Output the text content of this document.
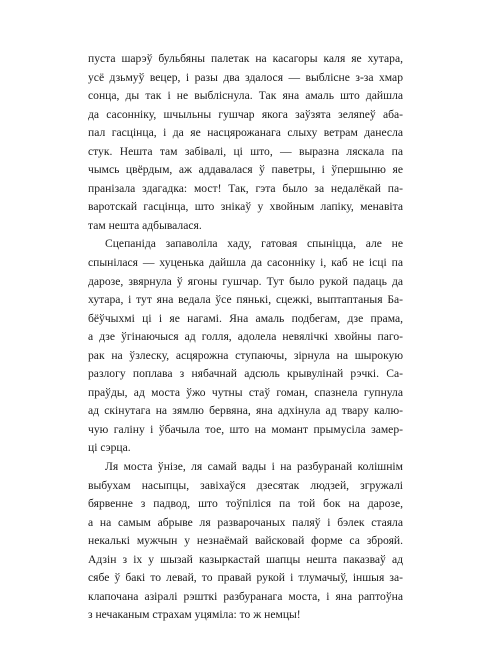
пуста шарэў бульбяны палетак на касагоры каля яе хутара,
усё дзьмуў вецер, і разы два здалося — выбліснe з-за хмар
сонца, ды так і не выбліснула. Так яна амаль што дайшла
да сасонніку, шчыльны гушчар якога заўзята зеляneў аба-
пал гасцінца, і да яе насцярожанага слыху ветрам данесла
стук. Нешта там забівалі, ці што, — выразна ляскала па
чымсь цвёрдым, аж аддавалася ў паветры, і ўпершыню яе
пранізала здагадка: мост! Так, гэта было за недалёкай па-
варотскай гасцінца, што знікаў у хвойным лапіку, менавіта
там нешта адбывалася.
Сцепаніда запаволіла хаду, гатовая спыніцца, але не
спынілася — хуценька дайшла да сасонніку і, каб не ісці па
дарозе, звярнула ў ягоны гушчар. Тут было рукой падаць да
хутара, і тут яна ведала ўсе пянькі, сцежкі, выптаптаныя Ба-
бёўчыхмі ці і яе нагамі. Яна амаль подбегам, дзе прама,
а дзе ўгінаючыся ад голля, адолела невялічкі хвойны паго-
рак на ўзлеску, асцярожна ступаючы, зірнула на шырокую
разлогу поплава з нябачнай адсюль крывулінай рэчкі. Са-
праўды, ад моста ўжо чутны стаў гоман, спазнела гупнула
ад скінутага на зямлю бервяна, яна адхінула ад твару калю-
чую галіну і ўбачыла тое, што на момант прымусіла замер-
ці сэрца.
Ля моста ўнізе, ля самай вады і на разбуранай колішнім
выбухам насыпцы, завіхаўся дзесятак людзей, згружалі
бярвенне з падвод, што тоўпіліся па той бок на дарозе,
а на самым абрыве ля разварочаных паляў і бэлек стаяла
некалькі мужчын у незнаёмай вайсковай форме са зброяй.
Адзін з іх у шызай казыркастай шапцы нешта паказваў ад
сябе ў бакі то левай, то правай рукой і тлумачыў, іншыя за-
клапочана азіралі рэшткі разбуранага моста, і яна раптоўна
з нечаканым страхам уцяміла: то ж немцы!
